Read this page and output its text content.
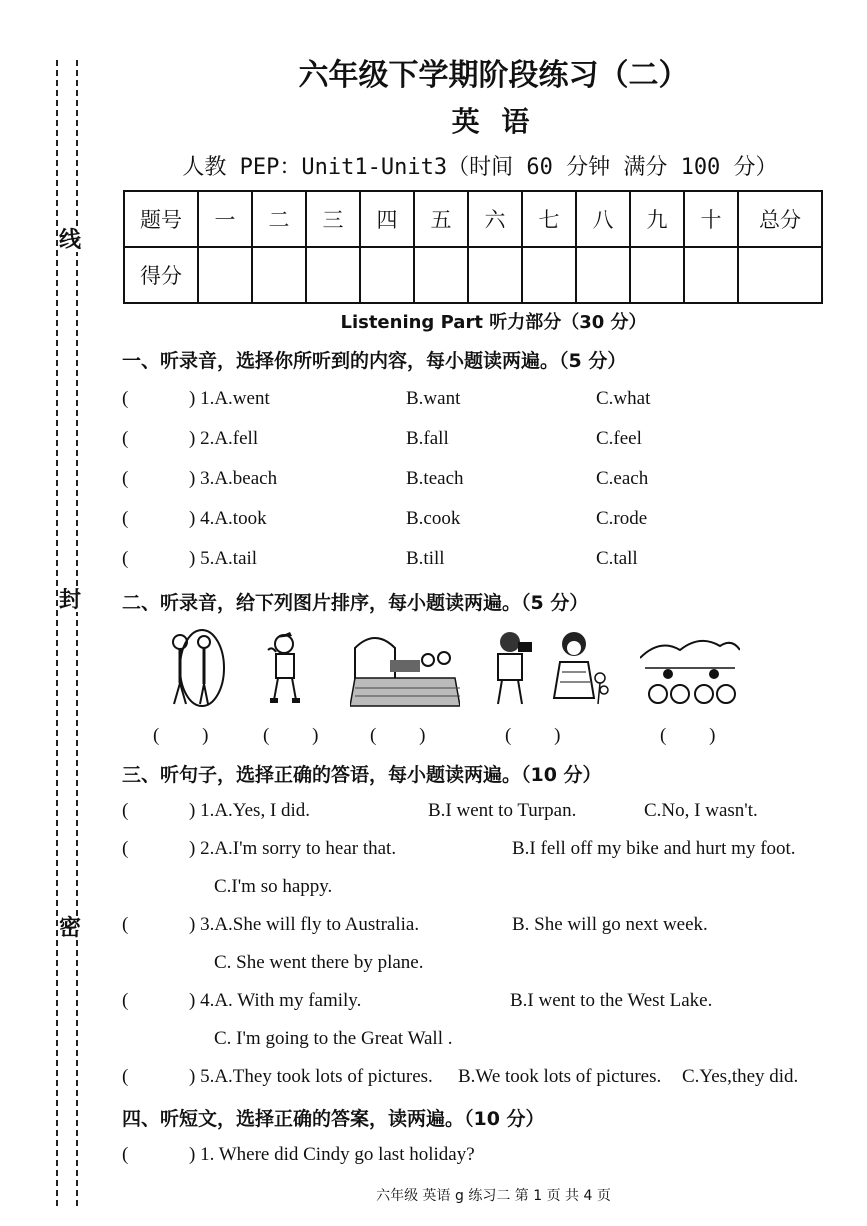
线
封
密
六年级下学期阶段练习（二）
英 语
人教 PEP：Unit1-Unit3（时间 60 分钟 满分 100 分）
题号	一	二	三	四	五	六	七	八	九	十	总分
得分											
Listening Part 听力部分（30 分）
一、听录音，选择你所听到的内容，每小题读两遍。（5 分）
(	) 1.A.went	B.want	C.what
(	) 2.A.fell	B.fall	C.feel
(	) 3.A.beach	B.teach	C.each
(	) 4.A.took	B.cook	C.rode
(	) 5.A.tail	B.till	C.tall
二、听录音，给下列图片排序，每小题读两遍。（5 分）
(         )	(         )	(         )	(         )	(         )
三、听句子，选择正确的答语，每小题读两遍。（10 分）
(	) 1.A.Yes, I did.	B.I went to Turpan.	C.No, I wasn't.
(	) 2.A.I'm sorry to hear that.	B.I fell off my bike and hurt my foot.
C.I'm so happy.
(	) 3.A.She will fly to Australia.	B. She will go next week.
C. She went there by plane.
(	) 4.A. With my family.	B.I went to the West Lake.
C. I'm going to the Great Wall .
(	) 5.A.They took lots of pictures. B.We took lots of pictures. C.Yes,they did.
四、听短文，选择正确的答案，读两遍。（10 分）
(	) 1. Where did Cindy go last holiday?
六年级 英语 g 练习二 第 1 页 共 4 页
